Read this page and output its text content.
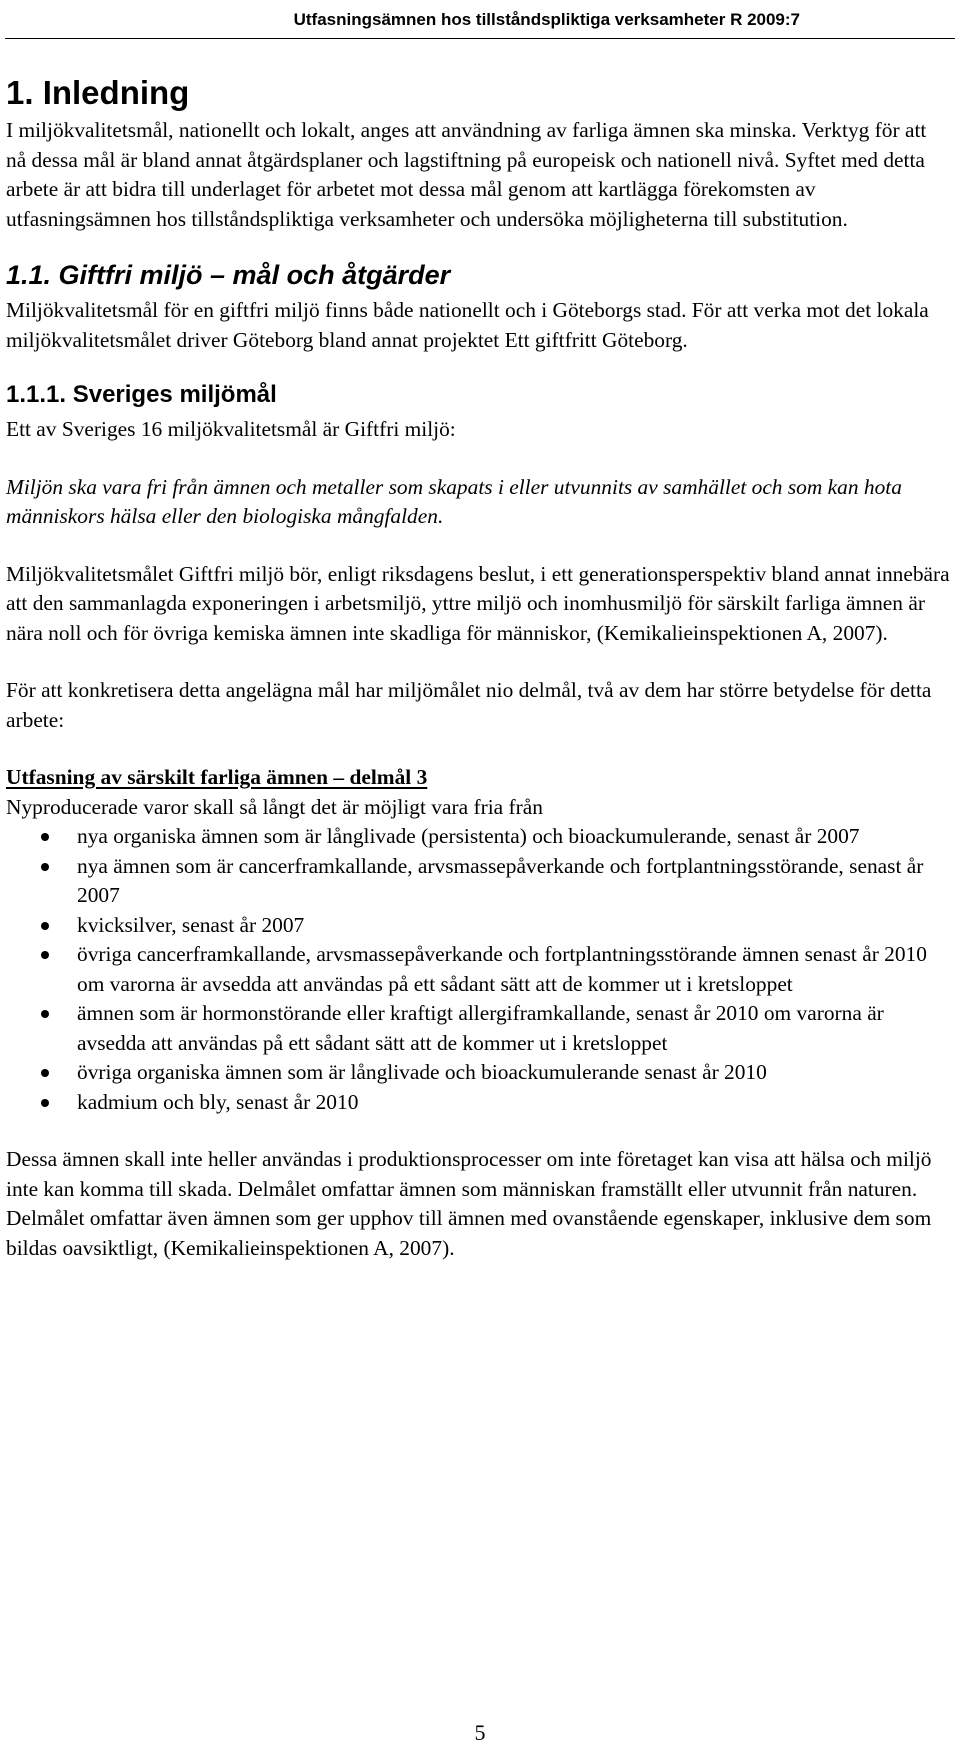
Utfasningsämnen hos tillståndspliktiga verksamheter R 2009:7
1. Inledning

I miljökvalitetsmål, nationellt och lokalt, anges att användning av farliga ämnen ska minska. Verktyg för att nå dessa mål är bland annat åtgärdsplaner och lagstiftning på europeisk och nationell nivå. Syftet med detta arbete är att bidra till underlaget för arbetet mot dessa mål genom att kartlägga förekomsten av utfasningsämnen hos tillståndspliktiga verksamheter och undersöka möjligheterna till substitution.

1.1. Giftfri miljö – mål och åtgärder

Miljökvalitetsmål för en giftfri miljö finns både nationellt och i Göteborgs stad. För att verka mot det lokala miljökvalitetsmålet driver Göteborg bland annat projektet Ett giftfritt Göteborg.

1.1.1. Sveriges miljömål

Ett av Sveriges 16 miljökvalitetsmål är Giftfri miljö:

Miljön ska vara fri från ämnen och metaller som skapats i eller utvunnits av samhället och som kan hota människors hälsa eller den biologiska mångfalden.

Miljökvalitetsmålet Giftfri miljö bör, enligt riksdagens beslut, i ett generationsperspektiv bland annat innebära att den sammanlagda exponeringen i arbetsmiljö, yttre miljö och inomhusmiljö för särskilt farliga ämnen är nära noll och för övriga kemiska ämnen inte skadliga för människor, (Kemikalieinspektionen A, 2007).

För att konkretisera detta angelägna mål har miljömålet nio delmål, två av dem har större betydelse för detta arbete:

Utfasning av särskilt farliga ämnen – delmål 3

Nyproducerade varor skall så långt det är möjligt vara fria från

nya organiska ämnen som är långlivade (persistenta) och bioackumulerande, senast år 2007
nya ämnen som är cancerframkallande, arvsmassepåverkande och fortplantningsstörande, senast år 2007
kvicksilver, senast år 2007
övriga cancerframkallande, arvsmassepåverkande och fortplantningsstörande ämnen senast år 2010 om varorna är avsedda att användas på ett sådant sätt att de kommer ut i kretsloppet
ämnen som är hormonstörande eller kraftigt allergiframkallande, senast år 2010 om varorna är avsedda att användas på ett sådant sätt att de kommer ut i kretsloppet
övriga organiska ämnen som är långlivade och bioackumulerande senast år 2010
kadmium och bly, senast år 2010

Dessa ämnen skall inte heller användas i produktionsprocesser om inte företaget kan visa att hälsa och miljö inte kan komma till skada. Delmålet omfattar ämnen som människan framställt eller utvunnit från naturen. Delmålet omfattar även ämnen som ger upphov till ämnen med ovanstående egenskaper, inklusive dem som bildas oavsiktligt, (Kemikalieinspektionen A, 2007).

5
